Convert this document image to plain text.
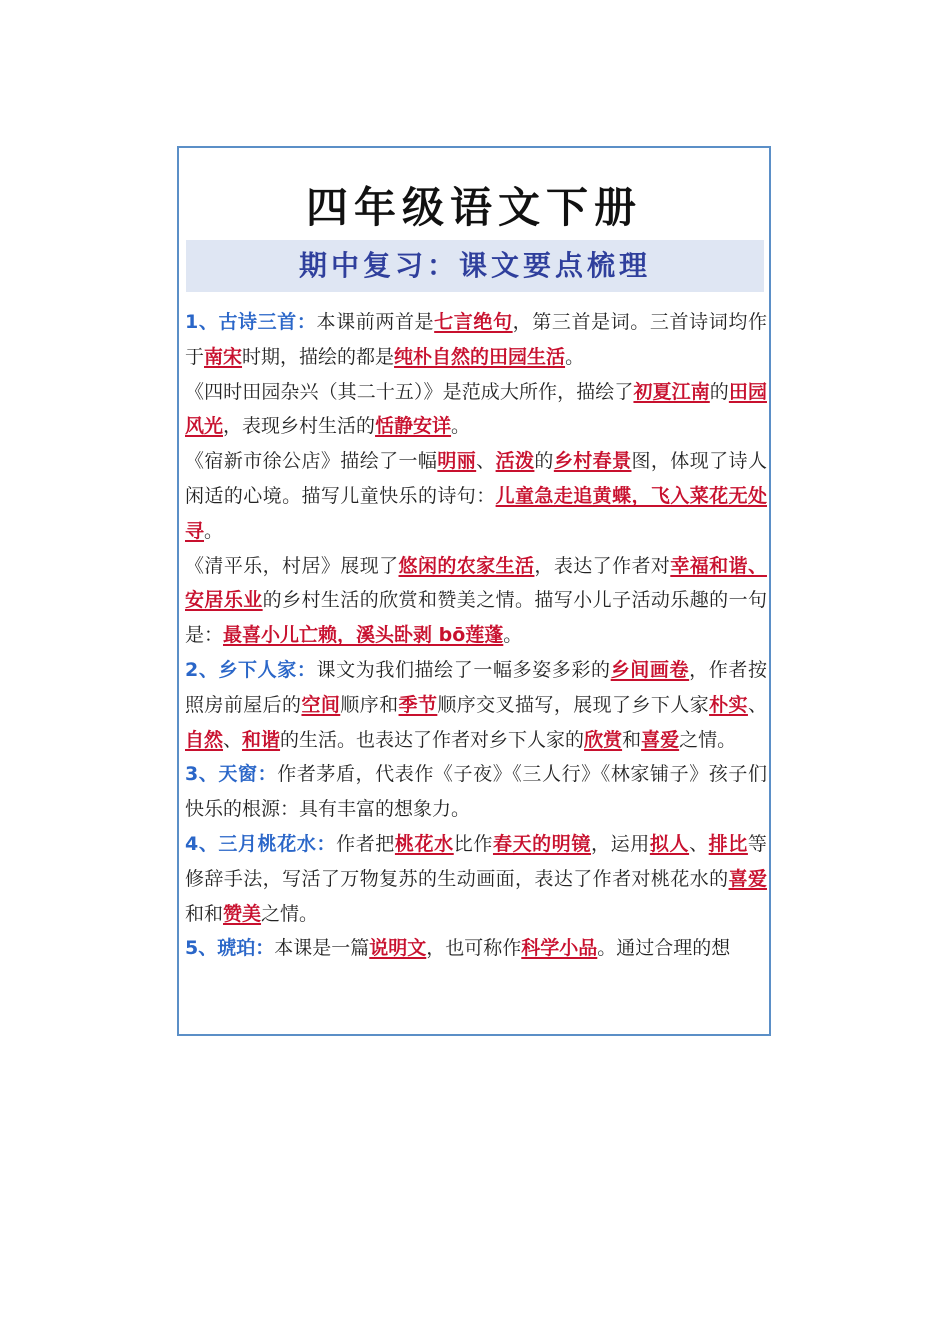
四年级语文下册
期中复习：课文要点梳理

1、古诗三首：本课前两首是七言绝句，第三首是词。三首诗词均作于南宋时期，描绘的都是纯朴自然的田园生活。

《四时田园杂兴（其二十五）》是范成大所作，描绘了初夏江南的田园风光，表现乡村生活的恬静安详。

《宿新市徐公店》描绘了一幅明丽、活泼的乡村春景图，体现了诗人闲适的心境。描写儿童快乐的诗句：儿童急走追黄蝶，飞入菜花无处寻。

《清平乐，村居》展现了悠闲的农家生活，表达了作者对幸福和谐、安居乐业的乡村生活的欣赏和赞美之情。描写小儿子活动乐趣的一句是：最喜小儿亡赖，溪头卧剥 bō莲蓬。

2、乡下人家：课文为我们描绘了一幅多姿多彩的乡间画卷，作者按照房前屋后的空间顺序和季节顺序交叉描写，展现了乡下人家朴实、自然、和谐的生活。也表达了作者对乡下人家的欣赏和喜爱之情。

3、天窗：作者茅盾，代表作《子夜》《三人行》《林家铺子》孩子们快乐的根源：具有丰富的想象力。

4、三月桃花水：作者把桃花水比作春天的明镜，运用拟人、排比等修辞手法，写活了万物复苏的生动画面，表达了作者对桃花水的喜爱和和赞美之情。

5、琥珀：本课是一篇说明文，也可称作科学小品。通过合理的想
